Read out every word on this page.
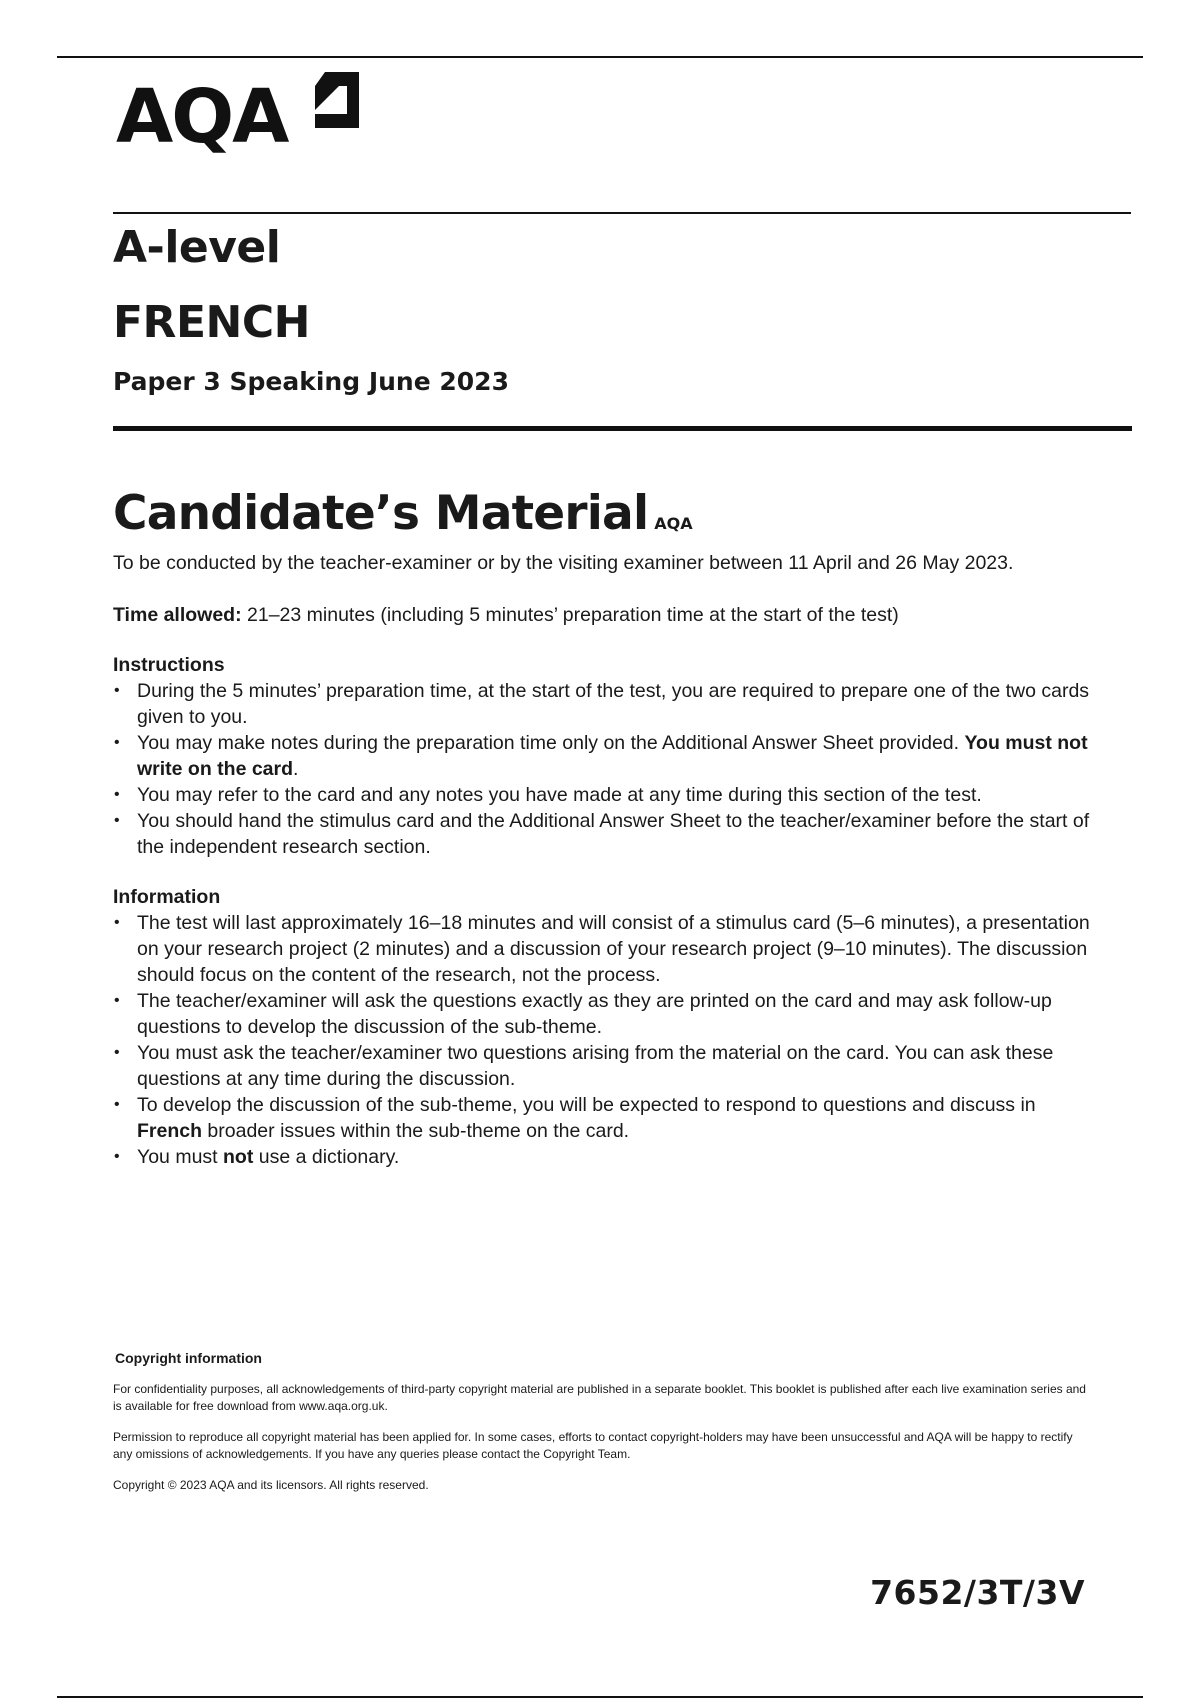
AQA
A-level
FRENCH
Paper 3 Speaking June 2023
Candidate’s Material AQA

To be conducted by the teacher-examiner or by the visiting examiner between 11 April and 26 May 2023.

Time allowed: 21–23 minutes (including 5 minutes’ preparation time at the start of the test)

Instructions

• During the 5 minutes’ preparation time, at the start of the test, you are required to prepare one of the two cards given to you.
• You may make notes during the preparation time only on the Additional Answer Sheet provided. You must not write on the card.
• You may refer to the card and any notes you have made at any time during this section of the test.
• You should hand the stimulus card and the Additional Answer Sheet to the teacher/examiner before the start of the independent research section.

Information

• The test will last approximately 16–18 minutes and will consist of a stimulus card (5–6 minutes), a presentation on your research project (2 minutes) and a discussion of your research project (9–10 minutes). The discussion should focus on the content of the research, not the process.
• The teacher/examiner will ask the questions exactly as they are printed on the card and may ask follow-up questions to develop the discussion of the sub-theme.
• You must ask the teacher/examiner two questions arising from the material on the card. You can ask these questions at any time during the discussion.
• To develop the discussion of the sub-theme, you will be expected to respond to questions and discuss in French broader issues within the sub-theme on the card.
• You must not use a dictionary.

Copyright information

For confidentiality purposes, all acknowledgements of third-party copyright material are published in a separate booklet. This booklet is published after each live examination series and is available for free download from www.aqa.org.uk.

Permission to reproduce all copyright material has been applied for. In some cases, efforts to contact copyright-holders may have been unsuccessful and AQA will be happy to rectify any omissions of acknowledgements. If you have any queries please contact the Copyright Team.

Copyright © 2023 AQA and its licensors. All rights reserved.

7652/3T/3V
